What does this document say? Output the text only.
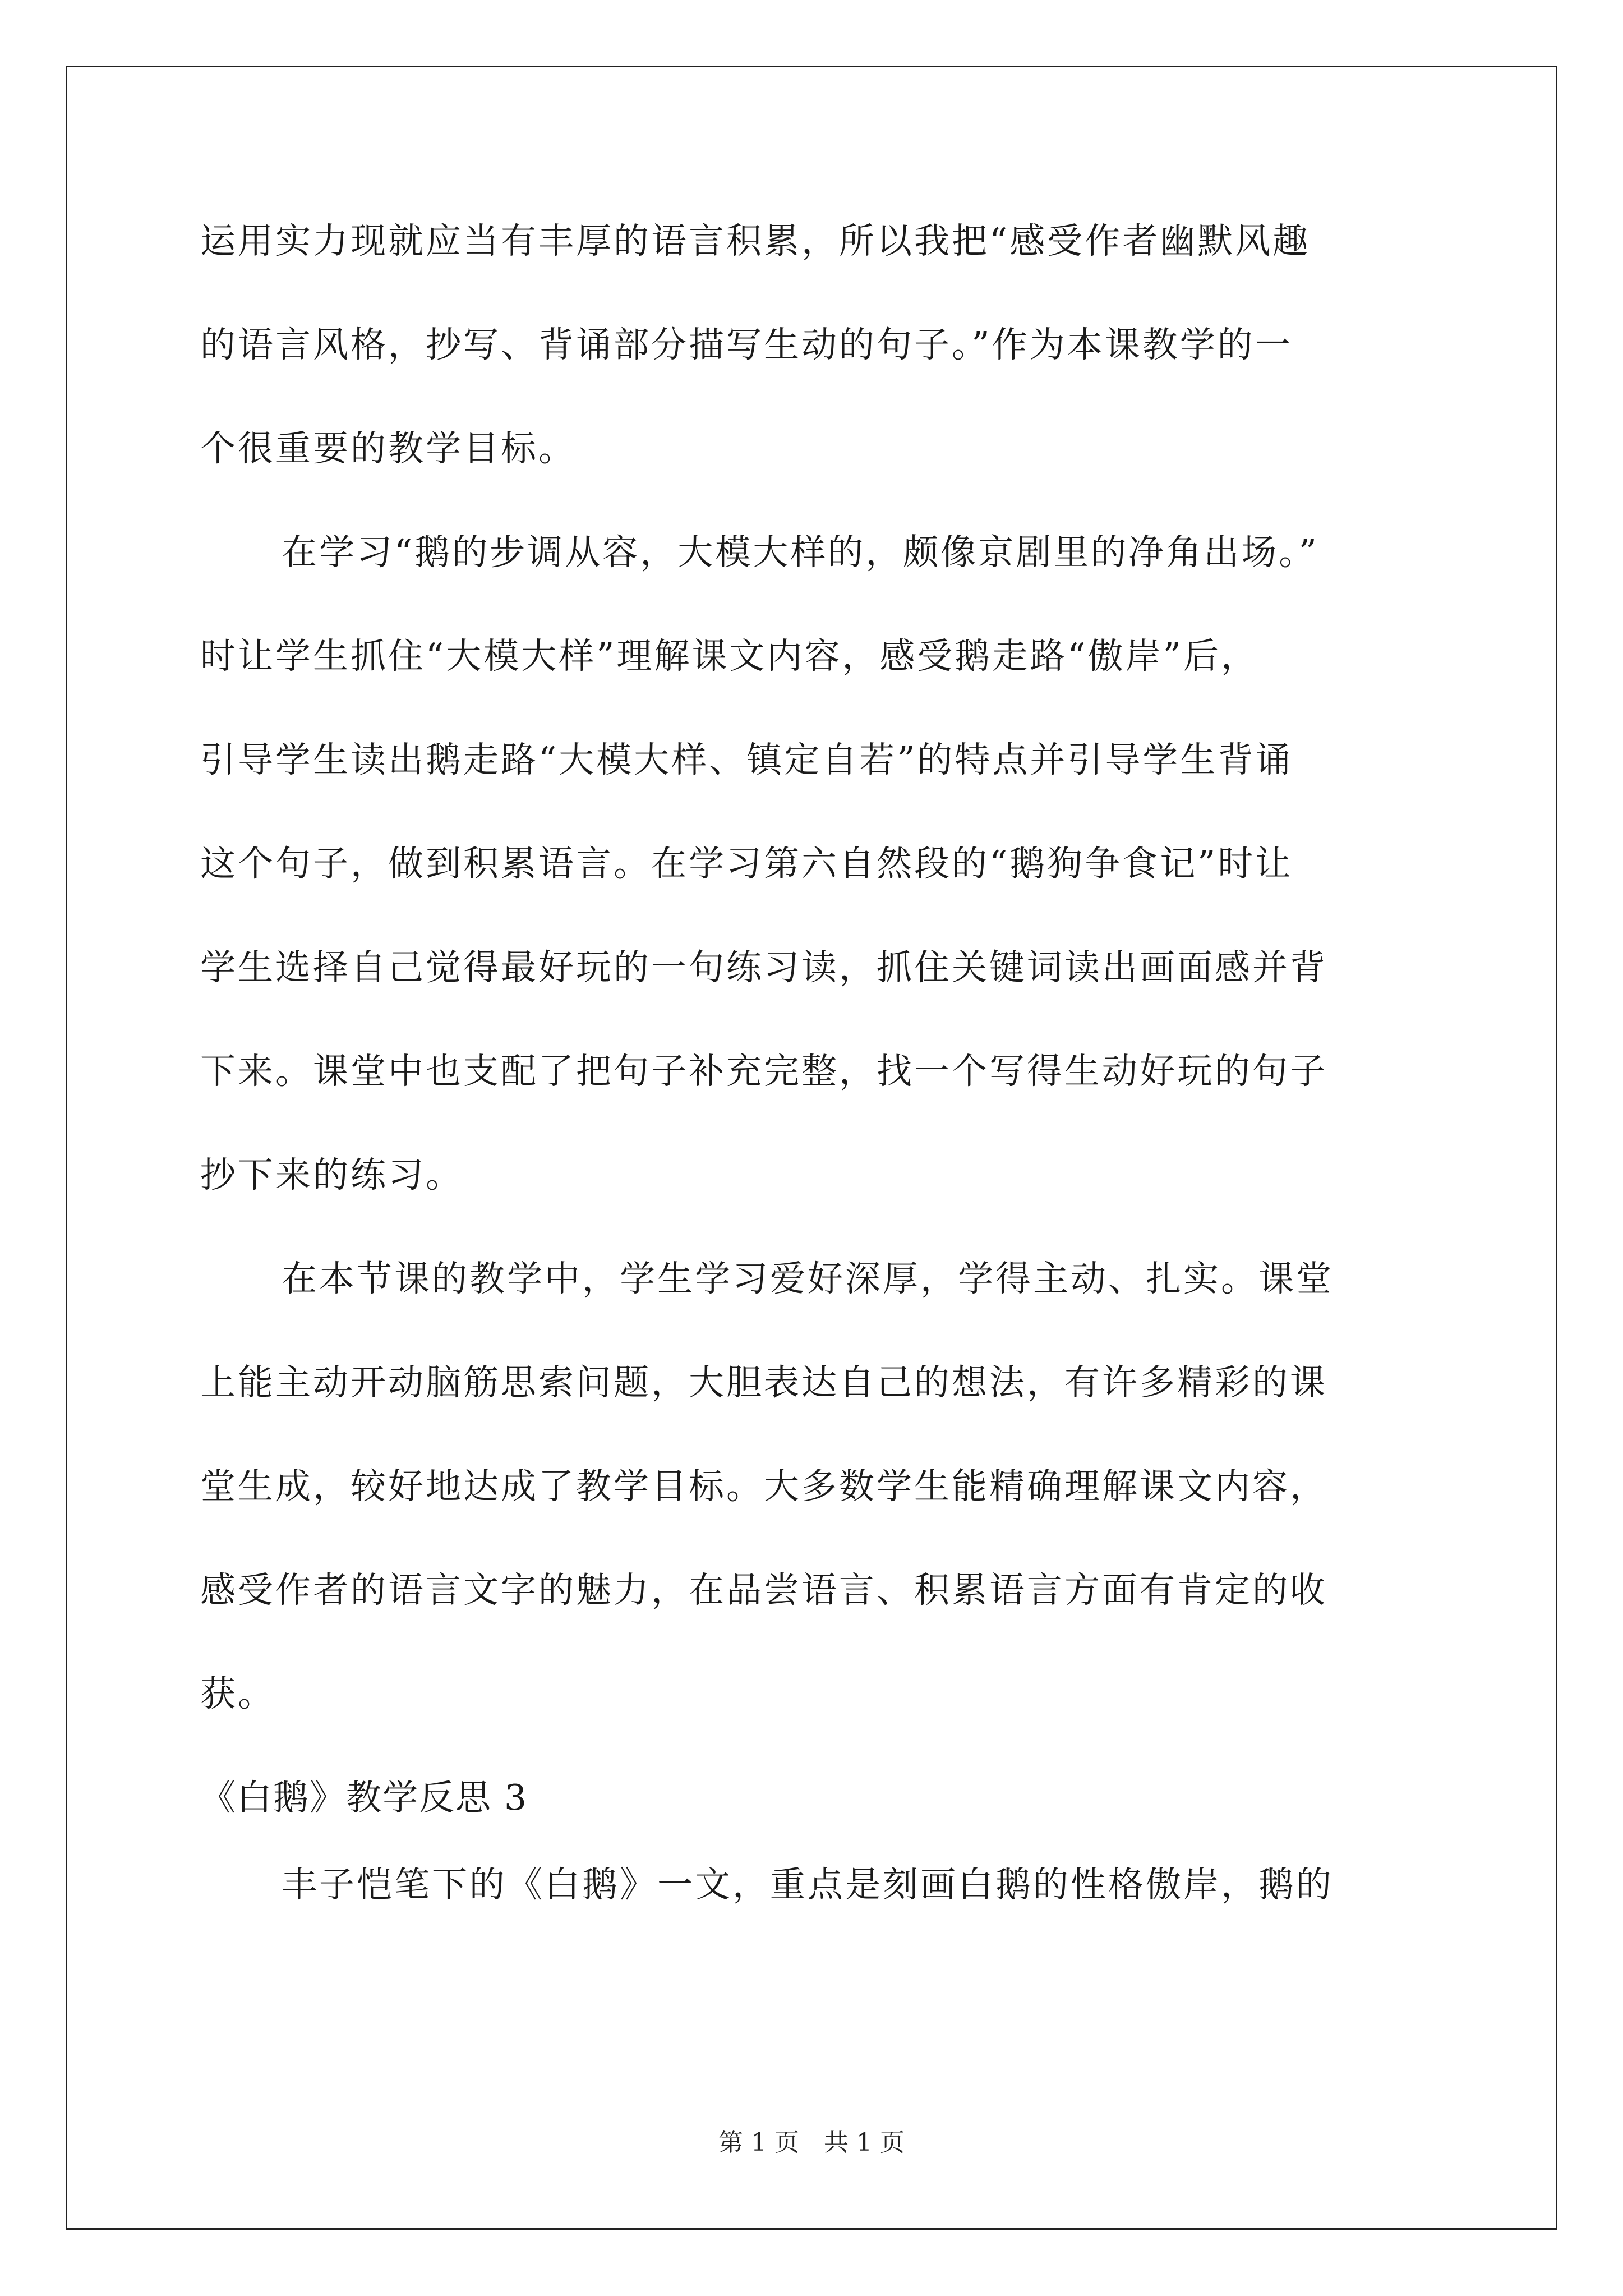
运用实力现就应当有丰厚的语言积累，所以我把“感受作者幽默风趣
的语言风格，抄写、背诵部分描写生动的句子。”作为本课教学的一
个很重要的教学目标。
在学习“鹅的步调从容，大模大样的，颇像京剧里的净角出场。”
时让学生抓住“大模大样”理解课文内容，感受鹅走路“傲岸”后，
引导学生读出鹅走路“大模大样、镇定自若”的特点并引导学生背诵
这个句子，做到积累语言。在学习第六自然段的“鹅狗争食记”时让
学生选择自己觉得最好玩的一句练习读，抓住关键词读出画面感并背
下来。课堂中也支配了把句子补充完整，找一个写得生动好玩的句子
抄下来的练习。
在本节课的教学中，学生学习爱好深厚，学得主动、扎实。课堂
上能主动开动脑筋思索问题，大胆表达自己的想法，有许多精彩的课
堂生成，较好地达成了教学目标。大多数学生能精确理解课文内容，
感受作者的语言文字的魅力，在品尝语言、积累语言方面有肯定的收
获。
《白鹅》教学反思 3
丰子恺笔下的《白鹅》一文，重点是刻画白鹅的性格傲岸，鹅的
第 1 页　共 1 页
